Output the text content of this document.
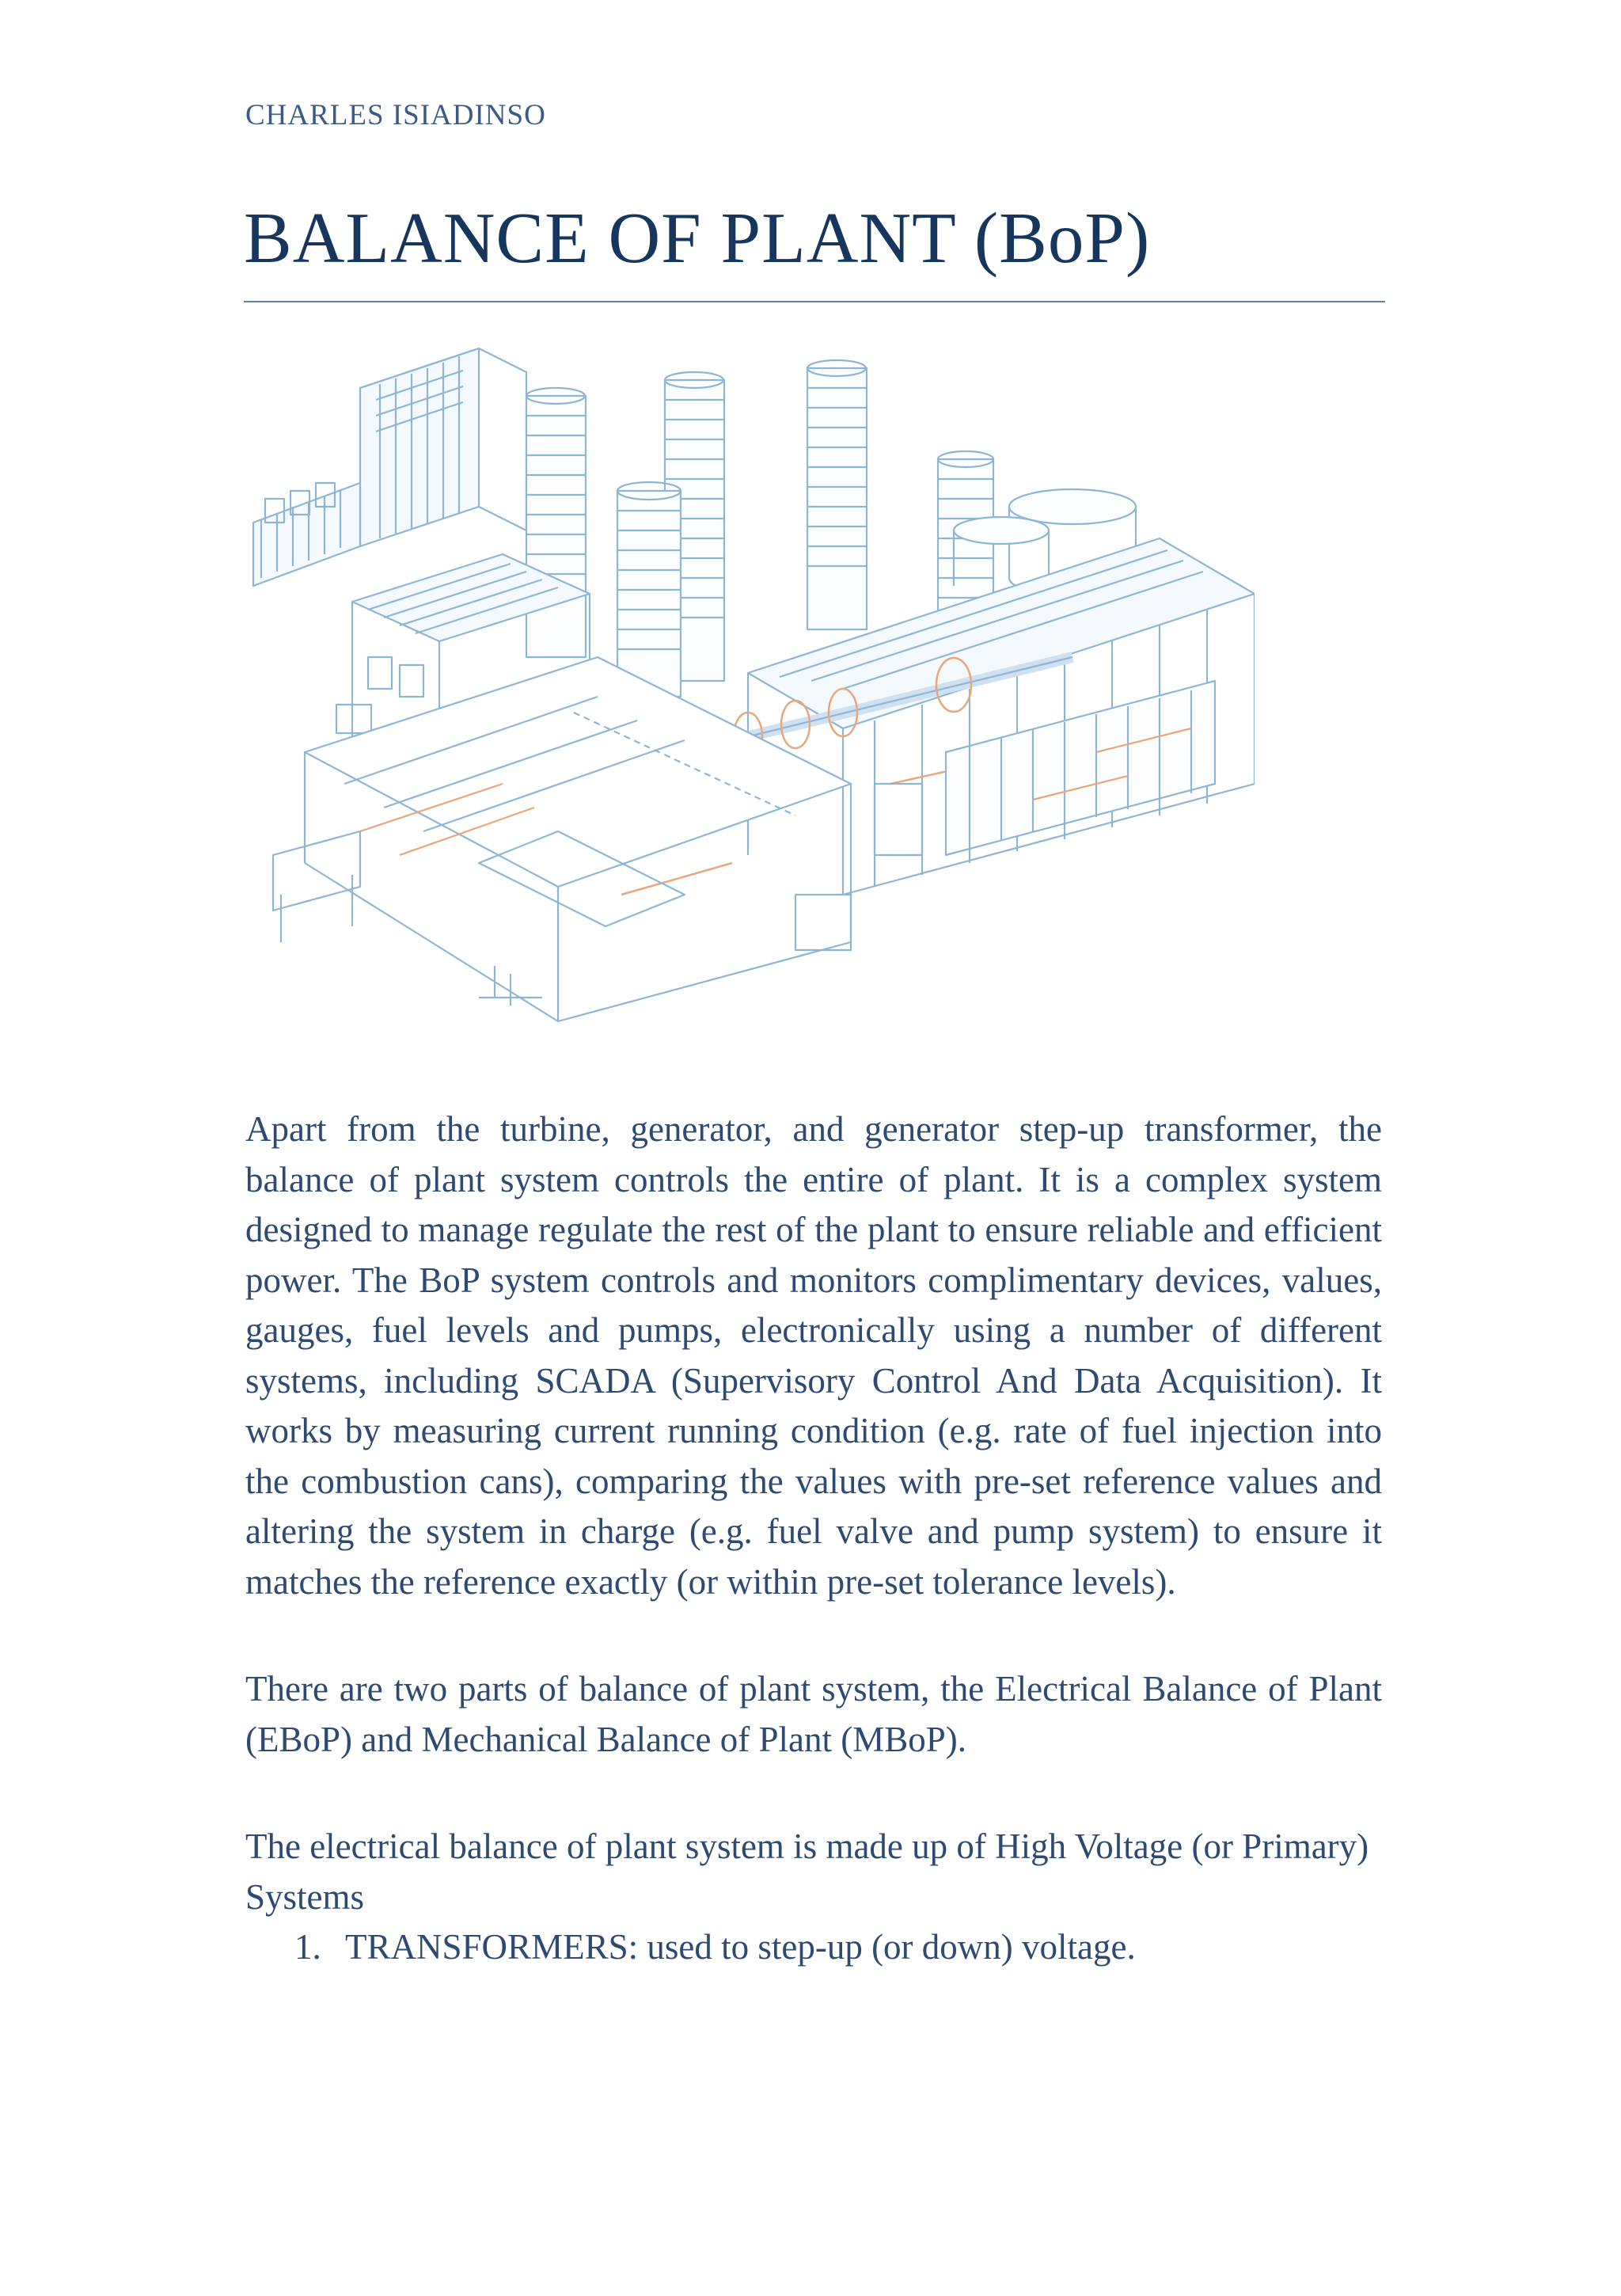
CHARLES ISIADINSO
BALANCE OF PLANT (BoP)

Apart from the turbine, generator, and generator step-up transformer, the balance of plant system controls the entire of plant. It is a complex system designed to manage regulate the rest of the plant to ensure reliable and efficient power. The BoP system controls and monitors complimentary devices, values, gauges, fuel levels and pumps, electronically using a number of different systems, including SCADA (Supervisory Control And Data Acquisition). It works by measuring current running condition (e.g. rate of fuel injection into the combustion cans), comparing the values with pre-set reference values and altering the system in charge (e.g. fuel valve and pump system) to ensure it matches the reference exactly (or within pre-set tolerance levels).

There are two parts of balance of plant system, the Electrical Balance of Plant (EBoP) and Mechanical Balance of Plant (MBoP).

The electrical balance of plant system is made up of High Voltage (or Primary) Systems

1. TRANSFORMERS: used to step-up (or down) voltage.
